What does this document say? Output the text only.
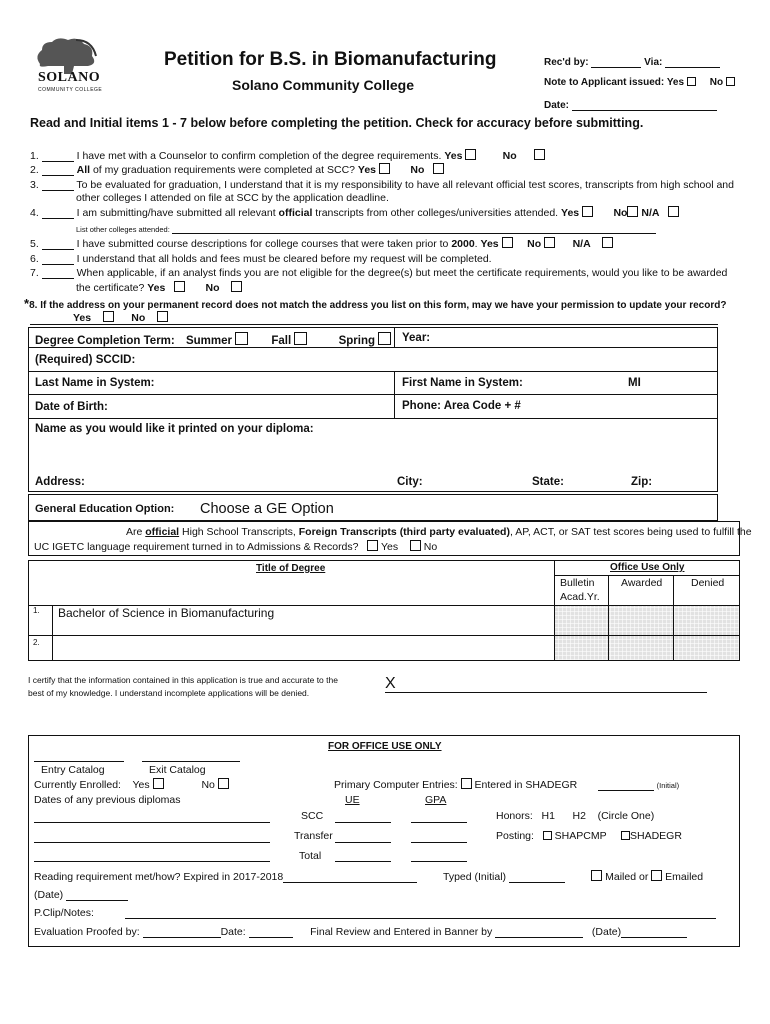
SOLANO
COMMUNITY COLLEGE
Petition for B.S. in Biomanufacturing
Solano Community College
Rec'd by:	Via:
Note to Applicant issued: Yes	No
Date:
Read and Initial items 1 - 7 below before completing the petition. Check for accuracy before submitting.
1.	I have met with a Counselor to confirm completion of the degree requirements. Yes	No
2.	All of my graduation requirements were completed at SCC? Yes	No
3.	To be evaluated for graduation, I understand that it is my responsibility to have all relevant official test scores, transcripts from high school and
other colleges I attended on file at SCC by the application deadline.
4.	I am submitting/have submitted all relevant official transcripts from other colleges/universities attended. Yes	No N/A
List other colleges attended:
5.	I have submitted course descriptions for college courses that were taken prior to 2000. Yes	No	N/A
6.	I understand that all holds and fees must be cleared before my request will be completed.
7.	When applicable, if an analyst finds you are not eligible for the degree(s) but meet the certificate requirements, would you like to be awarded
the certificate? Yes	No
*8. If the address on your permanent record does not match the address you list on this form, may we have your permission to update your record?
Yes	No
Degree Completion Term: Summer	Fall	Spring	Year:
(Required) SCCID:
Last Name in System:	First Name in System:	MI
Date of Birth:	Phone: Area Code + #
Name as you would like it printed on your diploma:
Address:	City:	State:	Zip:
General Education Option: Choose a GE Option
Are official High School Transcripts, Foreign Transcripts (third party evaluated), AP, ACT, or SAT test scores being used to fulfill the
UC IGETC language requirement turned in to Admissions & Records? Yes No
Title of Degree	Office Use Only
Bulletin
Acad.Yr.
Awarded	Denied
1. Bachelor of Science in Biomanufacturing
2.
I certify that the information contained in this application is true and accurate to the
best of my knowledge. I understand incomplete applications will be denied.
X
FOR OFFICE USE ONLY
Entry Catalog	Exit Catalog
Currently Enrolled: Yes	No	Primary Computer Entries: Entered in SHADEGR	(Initial)
Dates of any previous diplomas	UE	GPA
SCC
Transfer
Total
Honors: H1 H2 (Circle One)
Posting: SHAPCMP SHADEGR
Reading requirement met/how? Expired in 2017-2018	Typed (Initial)	Mailed or Emailed
(Date)
P.Clip/Notes:
Evaluation Proofed by:	Date:	Final Review and Entered in Banner by	(Date)
